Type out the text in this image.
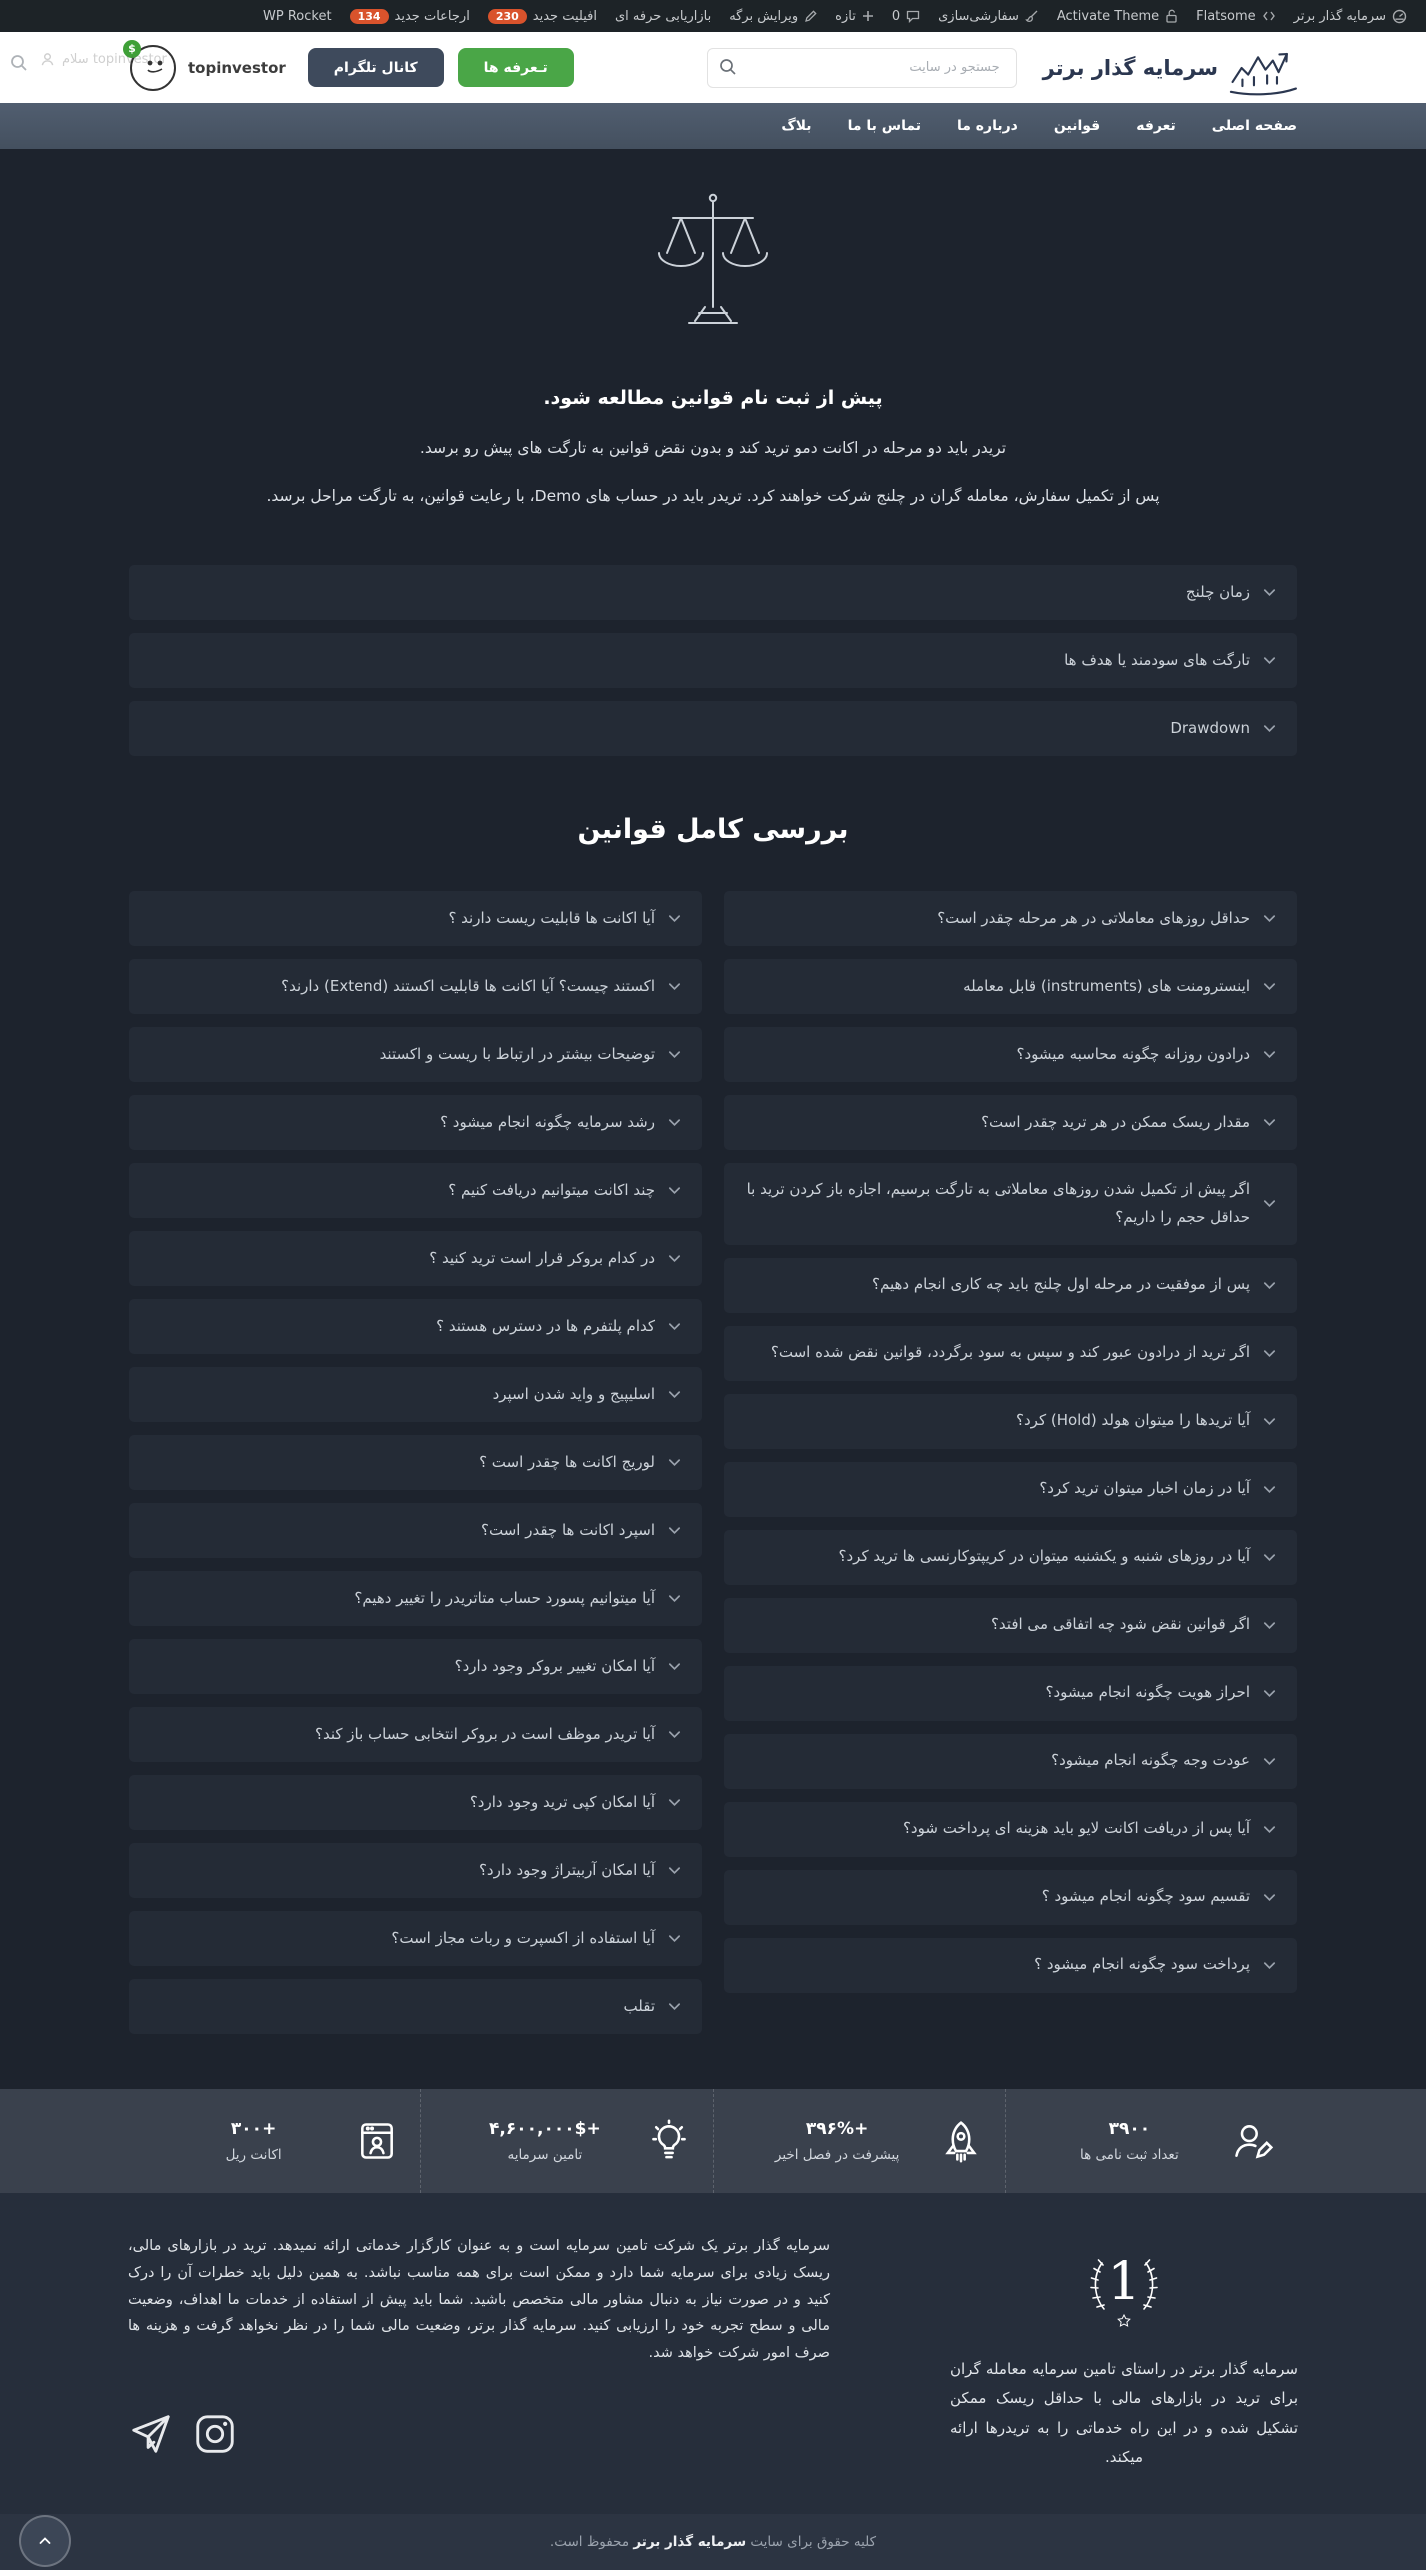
سرمایه گذار برتر
Flatsome
Activate Theme
سفارشی‌سازی
0
تازه
ویرایش برگه
بازاریابی حرفه ای
افیلیت جدید
230
ارجاعات جدید
134
WP Rocket
سرمایه گذار برتر
جستجو در سایت
تـعرفه ها
کانال تلگرام
topinvestor
$
سلام topinvestor
صفحه اصلی
تعرفه
قوانین
درباره ما
تماس با ما
بلاگ
پیش از ثبت نام قوانین مطالعه شود.
تریدر باید دو مرحله در اکانت دمو ترید کند و بدون نقض قوانین به تارگت های پیش رو برسد.
پس از تکمیل سفارش، معامله گران در چلنج شرکت خواهند کرد. تریدر باید در حساب های Demo، با رعایت قوانین، به تارگت مراحل برسد.
زمان چلنج
تارگت های سودمند یا هدف ها
Drawdown
بررسی کامل قوانین
حداقل روزهای معاملاتی در هر مرحله چقدر است؟
اینسترومنت های (instruments) قابل معامله
درادون روزانه چگونه محاسبه میشود؟
مقدار ریسک ممکن در هر ترید چقدر است؟
اگر پیش از تکمیل شدن روزهای معاملاتی به تارگت برسیم، اجازه باز کردن ترید با حداقل حجم را داریم؟
پس از موفقیت در مرحله اول چلنج باید چه کاری انجام دهیم؟
اگر ترید از درادون عبور کند و سپس به سود برگردد، قوانین نقض شده است؟
آیا تریدها را میتوان هولد (Hold) کرد؟
آیا در زمان اخبار میتوان ترید کرد؟
آیا در روزهای شنبه و یکشنبه میتوان در کریپتوکارنسی ها ترید کرد؟
اگر قوانین نقض شود چه اتفاقی می افتد؟
احراز هویت چگونه انجام میشود؟
عودت وجه چگونه انجام میشود؟
آیا پس از دریافت اکانت لایو باید هزینه ای پرداخت شود؟
تقسیم سود چگونه انجام میشود ؟
پرداخت سود چگونه انجام میشود ؟
آیا اکانت ها قابلیت ریست دارند ؟
اکستند چیست؟ آیا اکانت ها قابلیت اکستند (Extend) دارند؟
توضیحات بیشتر در ارتباط با ریست و اکستند
رشد سرمایه چگونه انجام میشود ؟
چند اکانت میتوانیم دریافت کنیم ؟
در کدام بروکر قرار است ترید کنید ؟
کدام پلتفرم ها در دسترس هستند ؟
اسلیپیج و واید شدن اسپرد
لوریج اکانت ها چقدر است ؟
اسپرد اکانت ها چقدر است؟
آیا میتوانیم پسورد حساب متاتریدر را تغییر دهیم؟
آیا امکان تغییر بروکر وجود دارد؟
آیا تریدر موظف است در بروکر انتخابی حساب باز کند؟
آیا امکان کپی ترید وجود دارد؟
آیا امکان آربیتراژ وجود دارد؟
آیا استفاده از اکسپرت و ربات مجاز است؟
تقلب
۳۹۰۰
تعداد ثبت نامی ها
+۳۹۶%
پیشرفت در فصل اخیر
+۴,۶۰۰,۰۰۰$
تامین سرمایه
+۳۰۰
اکانت ریل
1

سرمایه گذار برتر در راستای تامین سرمایه معامله گران برای ترید در بازارهای مالی با حداقل ریسک ممکن تشکیل شده و در این راه خدماتی را به تریدرها ارائه میکند.

سرمایه گذار برتر یک شرکت تامین سرمایه است و به عنوان کارگزار خدماتی ارائه نمیدهد. ترید در بازارهای مالی، ریسک زیادی برای سرمایه شما دارد و ممکن است برای همه مناسب نباشد. به همین دلیل باید خطرات آن را درک کنید و در صورت نیاز به دنبال مشاور مالی متخصص باشید. شما باید پیش از استفاده از خدمات ما اهداف، وضعیت مالی و سطح تجربه خود را ارزیابی کنید. سرمایه گذار برتر، وضعیت مالی شما را در نظر نخواهد گرفت و هزینه ها صرف امور شرکت خواهد شد.

کلیه حقوق برای سایت سرمایه گذار برتر محفوظ است.
